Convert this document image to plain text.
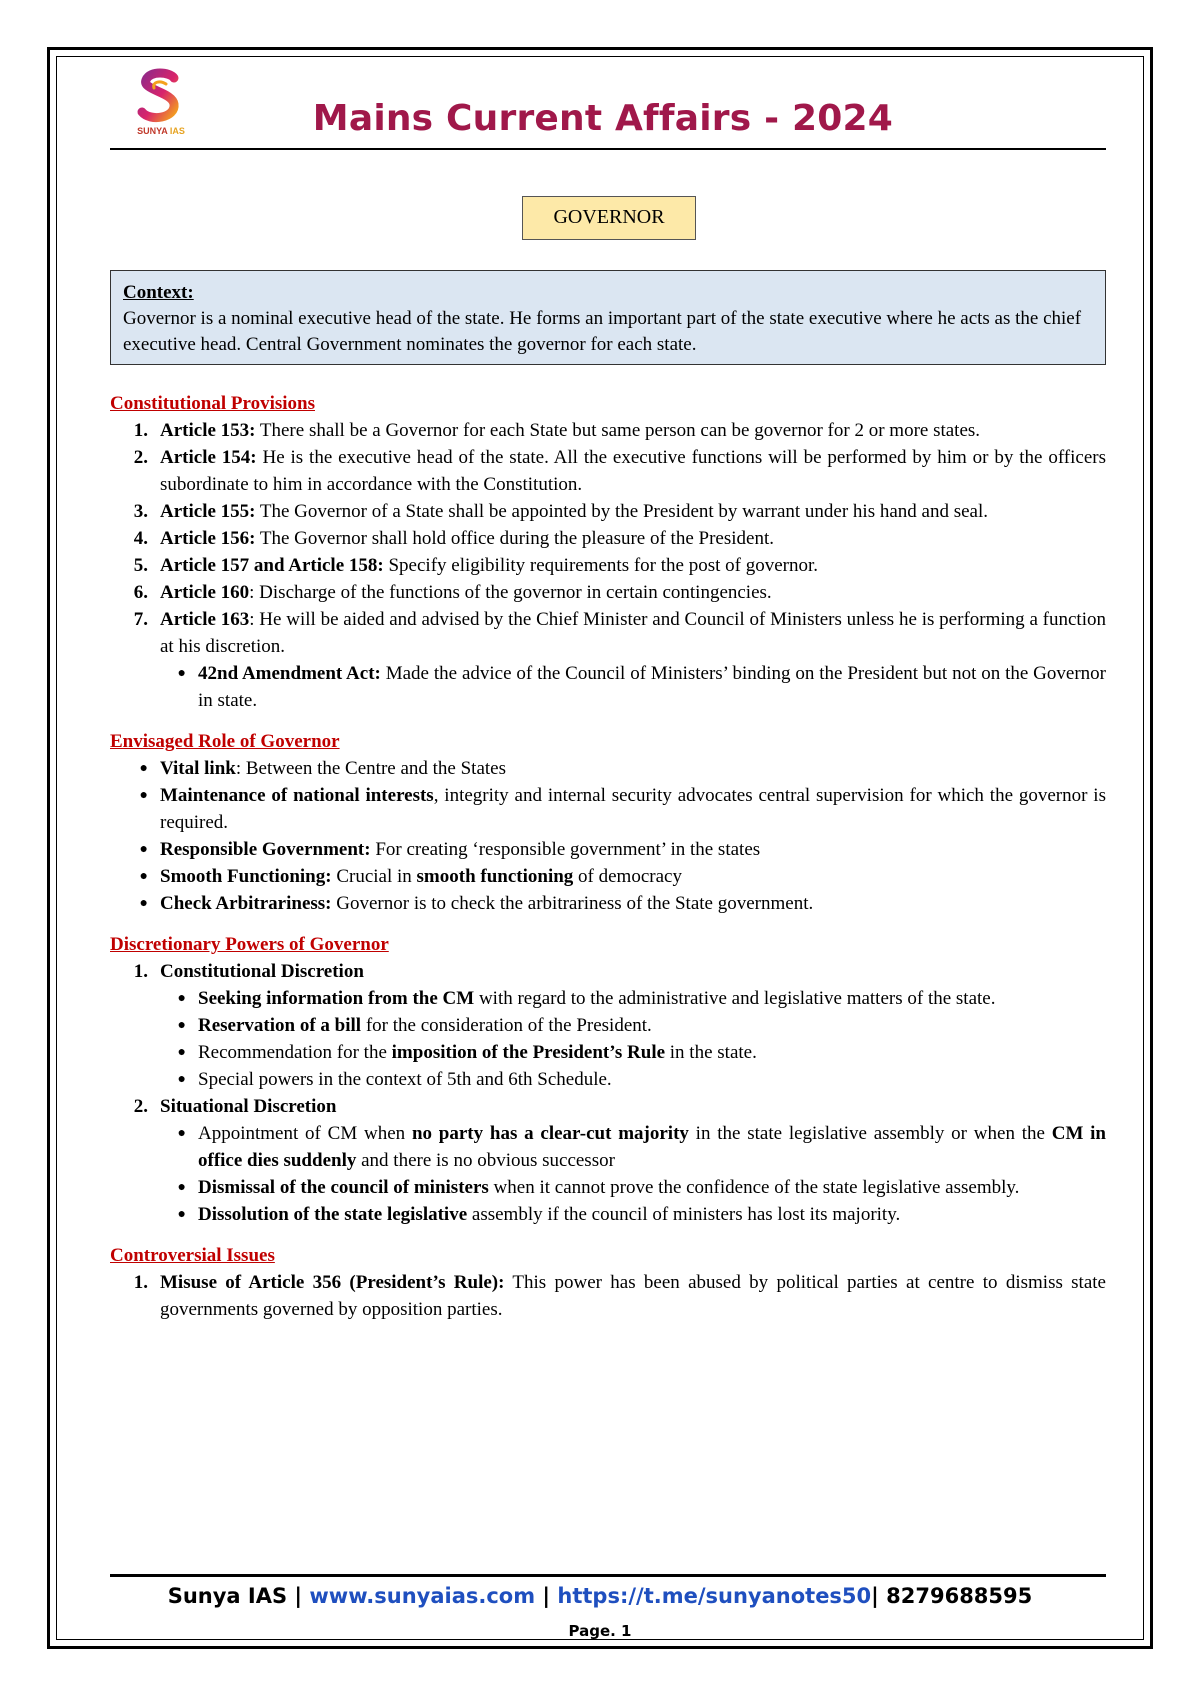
SUNYA IAS	Mains Current Affairs - 2024
GOVERNOR
Context:
Governor is a nominal executive head of the state. He forms an important part of the state executive where he acts as the chief executive head. Central Government nominates the governor for each state.

Constitutional Provisions

1. Article 153: There shall be a Governor for each State but same person can be governor for 2 or more states.
2. Article 154: He is the executive head of the state. All the executive functions will be performed by him or by the officers subordinate to him in accordance with the Constitution.
3. Article 155: The Governor of a State shall be appointed by the President by warrant under his hand and seal.
4. Article 156: The Governor shall hold office during the pleasure of the President.
5. Article 157 and Article 158: Specify eligibility requirements for the post of governor.
6. Article 160: Discharge of the functions of the governor in certain contingencies.
7. Article 163: He will be aided and advised by the Chief Minister and Council of Ministers unless he is performing a function at his discretion.
● 42nd Amendment Act: Made the advice of the Council of Ministers’ binding on the President but not on the Governor in state.

Envisaged Role of Governor

● Vital link: Between the Centre and the States
● Maintenance of national interests, integrity and internal security advocates central supervision for which the governor is required.
● Responsible Government: For creating ‘responsible government’ in the states
● Smooth Functioning: Crucial in smooth functioning of democracy
● Check Arbitrariness: Governor is to check the arbitrariness of the State government.

Discretionary Powers of Governor

1. Constitutional Discretion
● Seeking information from the CM with regard to the administrative and legislative matters of the state.
● Reservation of a bill for the consideration of the President.
● Recommendation for the imposition of the President’s Rule in the state.
● Special powers in the context of 5th and 6th Schedule.
2. Situational Discretion
● Appointment of CM when no party has a clear-cut majority in the state legislative assembly or when the CM in office dies suddenly and there is no obvious successor
● Dismissal of the council of ministers when it cannot prove the confidence of the state legislative assembly.
● Dissolution of the state legislative assembly if the council of ministers has lost its majority.

Controversial Issues

1. Misuse of Article 356 (President’s Rule): This power has been abused by political parties at centre to dismiss state governments governed by opposition parties.
Sunya IAS | www.sunyaias.com | https://t.me/sunyanotes50| 8279688595
Page. 1
